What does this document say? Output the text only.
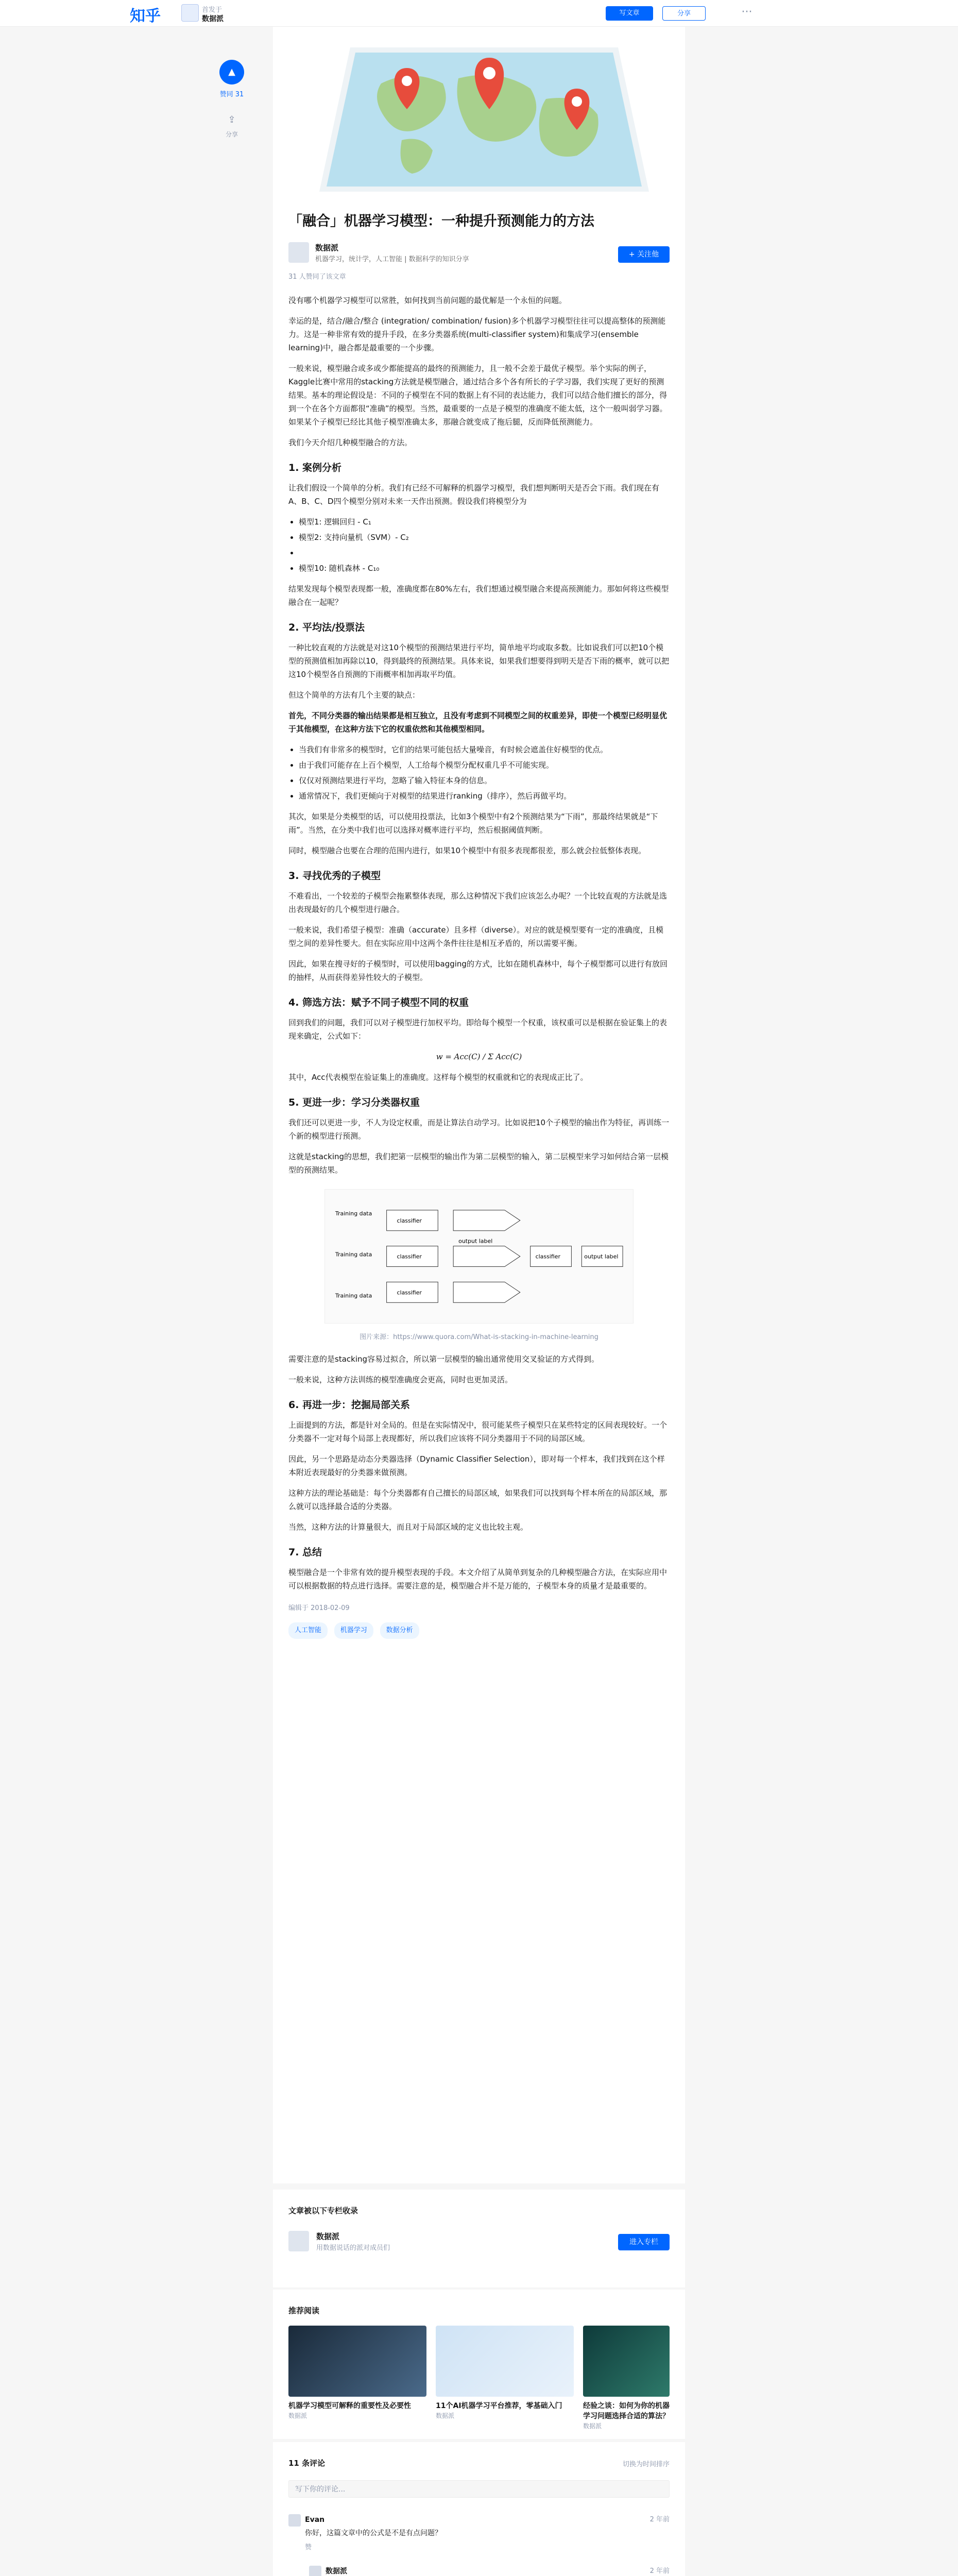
知乎	首发于
数据派
写文章	分享	···
▲
赞同 31
⇪
分享
「融合」机器学习模型：一种提升预测能力的方法
数据派
机器学习，统计学，人工智能 | 数据科学的知识分享
+ 关注他
31 人赞同了该文章

没有哪个机器学习模型可以常胜，如何找到当前问题的最优解是一个永恒的问题。

幸运的是，结合/融合/整合 (integration/ combination/ fusion)多个机器学习模型往往可以提高整体的预测能力。这是一种非常有效的提升手段，在多分类器系统(multi-classifier system)和集成学习(ensemble learning)中，融合都是最重要的一个步骤。

一般来说，模型融合或多或少都能提高的最终的预测能力，且一般不会差于最优子模型。举个实际的例子，Kaggle比赛中常用的stacking方法就是模型融合，通过结合多个各有所长的子学习器，我们实现了更好的预测结果。基本的理论假设是：不同的子模型在不同的数据上有不同的表达能力，我们可以结合他们擅长的部分，得到一个在各个方面都很“准确”的模型。当然，最重要的一点是子模型的准确度不能太低，这个一般叫弱学习器。如果某个子模型已经比其他子模型准确太多，那融合就变成了拖后腿，反而降低预测能力。

我们今天介绍几种模型融合的方法。

1. 案例分析

让我们假设一个简单的分析。我们有已经不可解释的机器学习模型，我们想判断明天是否会下雨。我们现在有A、B、C、D四个模型分别对未来一天作出预测。假设我们将模型分为

• 模型1: 逻辑回归 - C₁
• 模型2: 支持向量机（SVM）- C₂
•
• 模型10: 随机森林 - C₁₀

结果发现每个模型表现都一般，准确度都在80%左右，我们想通过模型融合来提高预测能力。那如何将这些模型融合在一起呢？

2. 平均法/投票法

一种比较直观的方法就是对这10个模型的预测结果进行平均，简单地平均或取多数。比如说我们可以把10个模型的预测值相加再除以10，得到最终的预测结果。具体来说，如果我们想要得到明天是否下雨的概率，就可以把这10个模型各自预测的下雨概率相加再取平均值。

但这个简单的方法有几个主要的缺点：

首先，不同分类器的输出结果都是相互独立，且没有考虑到不同模型之间的权重差异，即使一个模型已经明显优于其他模型，在这种方法下它的权重依然和其他模型相同。

• 当我们有非常多的模型时，它们的结果可能包括大量噪音，有时候会遮盖住好模型的优点。
• 由于我们可能存在上百个模型，人工给每个模型分配权重几乎不可能实现。
• 仅仅对预测结果进行平均，忽略了输入特征本身的信息。
• 通常情况下，我们更倾向于对模型的结果进行ranking（排序），然后再做平均。

其次，如果是分类模型的话，可以使用投票法，比如3个模型中有2个预测结果为“下雨”，那最终结果就是“下雨”。当然，在分类中我们也可以选择对概率进行平均，然后根据阈值判断。

同时，模型融合也要在合理的范围内进行，如果10个模型中有很多表现都很差，那么就会拉低整体表现。

3. 寻找优秀的子模型

不难看出，一个较差的子模型会拖累整体表现，那么这种情况下我们应该怎么办呢？一个比较直观的方法就是选出表现最好的几个模型进行融合。

一般来说，我们希望子模型：准确（accurate）且多样（diverse）。对应的就是模型要有一定的准确度，且模型之间的差异性要大。但在实际应用中这两个条件往往是相互矛盾的，所以需要平衡。

因此，如果在搜寻好的子模型时，可以使用bagging的方式，比如在随机森林中，每个子模型都可以进行有放回的抽样，从而获得差异性较大的子模型。

4. 筛选方法：赋予不同子模型不同的权重

回到我们的问题，我们可以对子模型进行加权平均。即给每个模型一个权重，该权重可以是根据在验证集上的表现来确定，公式如下：

w = Acc(C) / Σ Acc(C)

其中，Acc代表模型在验证集上的准确度。这样每个模型的权重就和它的表现成正比了。

5. 更进一步：学习分类器权重

我们还可以更进一步，不人为设定权重，而是让算法自动学习。比如说把10个子模型的输出作为特征，再训练一个新的模型进行预测。

这就是stacking的思想，我们把第一层模型的输出作为第二层模型的输入，第二层模型来学习如何结合第一层模型的预测结果。

Training data
Training data
Training data
classifier
classifier
classifier
output label
classifier	output label
图片来源：https://www.quora.com/What-is-stacking-in-machine-learning

需要注意的是stacking容易过拟合，所以第一层模型的输出通常使用交叉验证的方式得到。

一般来说，这种方法训练的模型准确度会更高，同时也更加灵活。

6. 再进一步：挖掘局部关系

上面提到的方法，都是针对全局的。但是在实际情况中，很可能某些子模型只在某些特定的区间表现较好。一个分类器不一定对每个局部上表现都好，所以我们应该将不同分类器用于不同的局部区域。

因此，另一个思路是动态分类器选择（Dynamic Classifier Selection），即对每一个样本，我们找到在这个样本附近表现最好的分类器来做预测。

这种方法的理论基础是：每个分类器都有自己擅长的局部区域，如果我们可以找到每个样本所在的局部区域，那么就可以选择最合适的分类器。

当然，这种方法的计算量很大，而且对于局部区域的定义也比较主观。

7. 总结

模型融合是一个非常有效的提升模型表现的手段。本文介绍了从简单到复杂的几种模型融合方法，在实际应用中可以根据数据的特点进行选择。需要注意的是，模型融合并不是万能的，子模型本身的质量才是最重要的。

编辑于 2018-02-09
人工智能	机器学习	数据分析
文章被以下专栏收录
数据派
用数据说话的派对成员们
进入专栏
推荐阅读
机器学习模型可解释的重要性及必要性
数据派
11个AI机器学习平台推荐，零基础入门
数据派
经验之谈：如何为你的机器学习问题选择合适的算法？
数据派
11 条评论	切换为时间排序
写下你的评论...
Evan	2 年前
你好，这篇文章中的公式是不是有点问题？
赞
数据派	2 年前
